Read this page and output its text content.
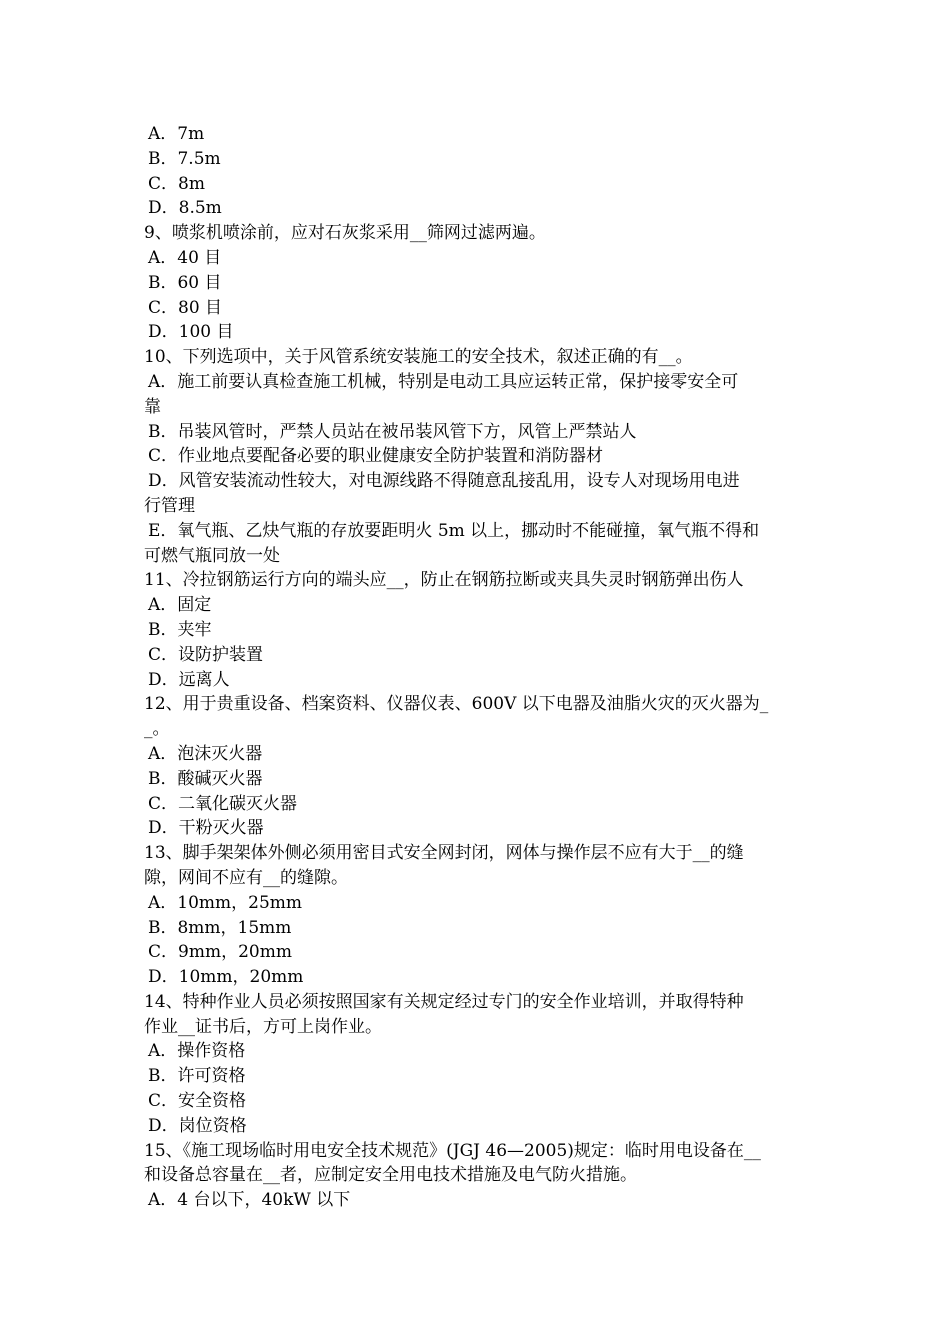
A．7m
B．7.5m
C．8m
D．8.5m
9、喷浆机喷涂前，应对石灰浆采用__筛网过滤两遍。
A．40 目
B．60 目
C．80 目
D．100 目
10、下列选项中，关于风管系统安装施工的安全技术，叙述正确的有__。
A．施工前要认真检查施工机械，特别是电动工具应运转正常，保护接零安全可
靠
B．吊装风管时，严禁人员站在被吊装风管下方，风管上严禁站人
C．作业地点要配备必要的职业健康安全防护装置和消防器材
D．风管安装流动性较大，对电源线路不得随意乱接乱用，设专人对现场用电进
行管理
E．氧气瓶、乙炔气瓶的存放要距明火 5m 以上，挪动时不能碰撞，氧气瓶不得和
可燃气瓶同放一处
11、冷拉钢筋运行方向的端头应__，防止在钢筋拉断或夹具失灵时钢筋弹出伤人
A．固定
B．夹牢
C．设防护装置
D．远离人
12、用于贵重设备、档案资料、仪器仪表、600V 以下电器及油脂火灾的灭火器为_
_。
A．泡沫灭火器
B．酸碱灭火器
C．二氧化碳灭火器
D．干粉灭火器
13、脚手架架体外侧必须用密目式安全网封闭，网体与操作层不应有大于__的缝
隙，网间不应有__的缝隙。
A．10mm，25mm
B．8mm，15mm
C．9mm，20mm
D．10mm，20mm
14、特种作业人员必须按照国家有关规定经过专门的安全作业培训，并取得特种
作业__证书后，方可上岗作业。
A．操作资格
B．许可资格
C．安全资格
D．岗位资格
15、《施工现场临时用电安全技术规范》(JGJ 46—2005)规定：临时用电设备在__
和设备总容量在__者，应制定安全用电技术措施及电气防火措施。
A．4 台以下，40kW 以下
